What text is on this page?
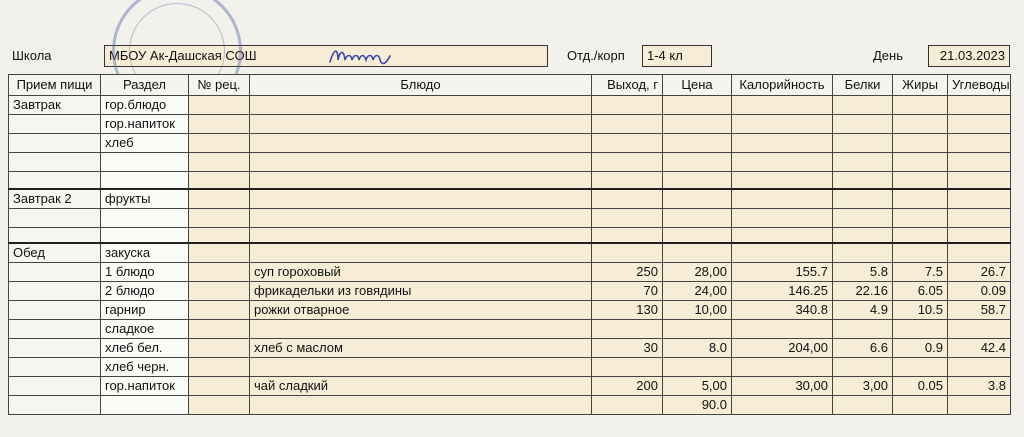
Школа	МБОУ Ак-Дашская СОШ	Отд./корп	1-4 кл	День	21.03.2023
Прием пищи	Раздел	№ рец.	Блюдо	Выход, г	Цена	Калорийность	Белки	Жиры	Углеводы
Завтрак	гор.блюдо								
	гор.напиток								
	хлеб								

Завтрак 2	фрукты								

Обед	закуска								
	1 блюдо		суп гороховый	250	28,00	155.7	5.8	7.5	26.7
	2 блюдо		фрикадельки из говядины	70	24,00	146.25	22.16	6.05	0.09
	гарнир		рожки отварное	130	10,00	340.8	4.9	10.5	58.7
	сладкое								
	хлеб бел.		хлеб с маслом	30	8.0	204,00	6.6	0.9	42.4
	хлеб черн.								
	гор.напиток		чай сладкий	200	5,00	30,00	3,00	0.05	3.8
					90.0				
